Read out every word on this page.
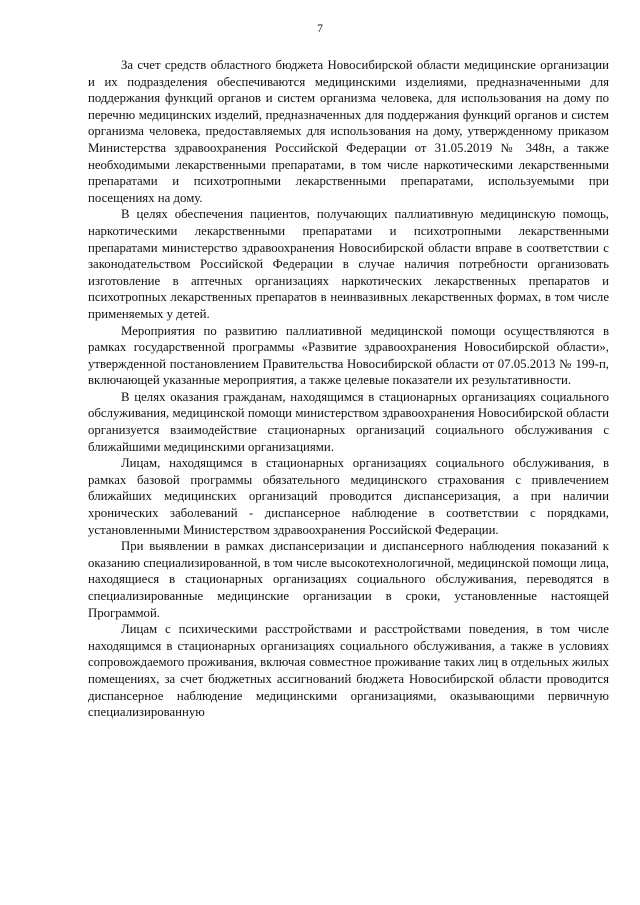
7

За счет средств областного бюджета Новосибирской области медицинские организации и их подразделения обеспечиваются медицинскими изделиями, предназначенными для поддержания функций органов и систем организма человека, для использования на дому по перечню медицинских изделий, предназначенных для поддержания функций органов и систем организма человека, предоставляемых для использования на дому, утвержденному приказом Министерства здравоохранения Российской Федерации от 31.05.2019 № 348н, а также необходимыми лекарственными препаратами, в том числе наркотическими лекарственными препаратами и психотропными лекарственными препаратами, используемыми при посещениях на дому.

В целях обеспечения пациентов, получающих паллиативную медицинскую помощь, наркотическими лекарственными препаратами и психотропными лекарственными препаратами министерство здравоохранения Новосибирской области вправе в соответствии с законодательством Российской Федерации в случае наличия потребности организовать изготовление в аптечных организациях наркотических лекарственных препаратов и психотропных лекарственных препаратов в неинвазивных лекарственных формах, в том числе применяемых у детей.

Мероприятия по развитию паллиативной медицинской помощи осуществляются в рамках государственной программы «Развитие здравоохранения Новосибирской области», утвержденной постановлением Правительства Новосибирской области от 07.05.2013 № 199-п, включающей указанные мероприятия, а также целевые показатели их результативности.

В целях оказания гражданам, находящимся в стационарных организациях социального обслуживания, медицинской помощи министерством здравоохранения Новосибирской области организуется взаимодействие стационарных организаций социального обслуживания с ближайшими медицинскими организациями.

Лицам, находящимся в стационарных организациях социального обслуживания, в рамках базовой программы обязательного медицинского страхования с привлечением ближайших медицинских организаций проводится диспансеризация, а при наличии хронических заболеваний - диспансерное наблюдение в соответствии с порядками, установленными Министерством здравоохранения Российской Федерации.

При выявлении в рамках диспансеризации и диспансерного наблюдения показаний к оказанию специализированной, в том числе высокотехнологичной, медицинской помощи лица, находящиеся в стационарных организациях социального обслуживания, переводятся в специализированные медицинские организации в сроки, установленные настоящей Программой.

Лицам с психическими расстройствами и расстройствами поведения, в том числе находящимся в стационарных организациях социального обслуживания, а также в условиях сопровождаемого проживания, включая совместное проживание таких лиц в отдельных жилых помещениях, за счет бюджетных ассигнований бюджета Новосибирской области проводится диспансерное наблюдение медицинскими организациями, оказывающими первичную специализированную
